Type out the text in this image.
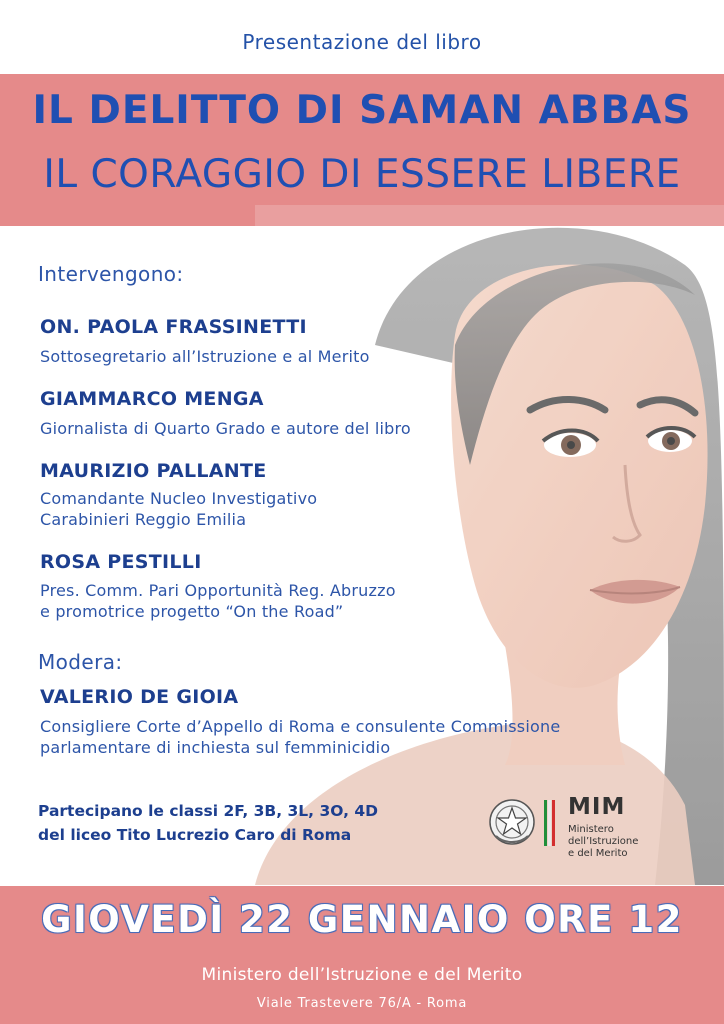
Presentazione del libro
IL DELITTO DI SAMAN ABBAS
IL CORAGGIO DI ESSERE LIBERE
Intervengono:
ON. PAOLA FRASSINETTI
Sottosegretario all’Istruzione e al Merito
GIAMMARCO MENGA
Giornalista di Quarto Grado e autore del libro
MAURIZIO PALLANTE
Comandante Nucleo Investigativo
Carabinieri Reggio Emilia
ROSA PESTILLI
Pres. Comm. Pari Opportunità Reg. Abruzzo
e promotrice progetto “On the Road”
Modera:
VALERIO DE GIOIA
Consigliere Corte d’Appello di Roma e consulente Commissione
parlamentare di inchiesta sul femminicidio
Partecipano le classi 2F, 3B, 3L, 3O, 4D
del liceo Tito Lucrezio Caro di Roma
MIM
Ministero dell’Istruzione
e del Merito
GIOVEDÌ 22 GENNAIO ORE 12
Ministero dell’Istruzione e del Merito
Viale Trastevere 76/A - Roma
